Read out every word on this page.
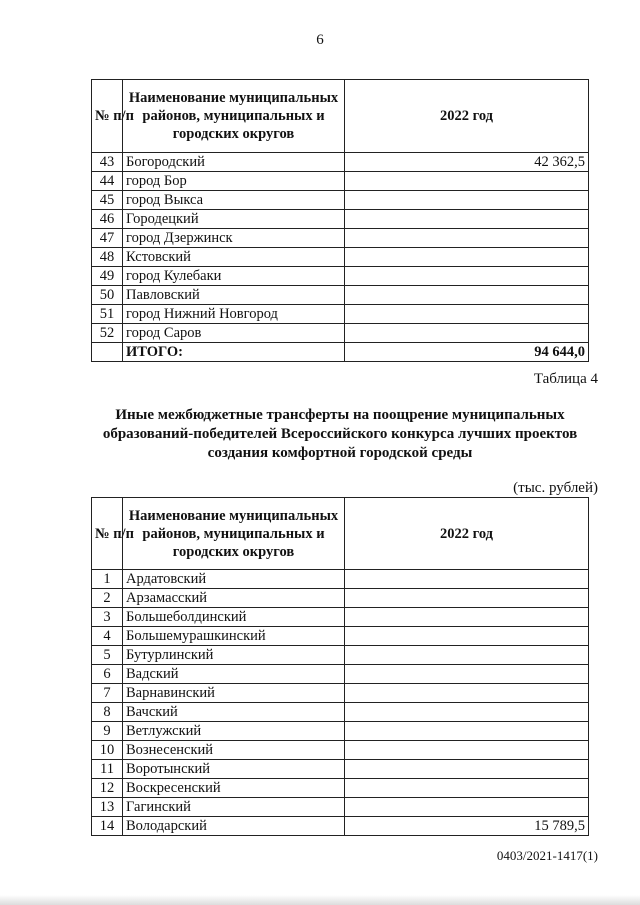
6
№ п/п	Наименование муниципальных районов, муниципальных и городских округов	2022 год
43	Богородский	42 362,5
44	город Бор	
45	город Выкса	
46	Городецкий	
47	город Дзержинск	
48	Кстовский	
49	город Кулебаки	
50	Павловский	
51	город Нижний Новгород	
52	город Саров	
	ИТОГО:	94 644,0
Таблица 4
Иные межбюджетные трансферты на поощрение муниципальных образований-победителей Всероссийского конкурса лучших проектов создания комфортной городской среды
(тыс. рублей)
№ п/п	Наименование муниципальных районов, муниципальных и городских округов	2022 год
1	Ардатовский	
2	Арзамасский	
3	Большеболдинский	
4	Большемурашкинский	
5	Бутурлинский	
6	Вадский	
7	Варнавинский	
8	Вачский	
9	Ветлужский	
10	Вознесенский	
11	Воротынский	
12	Воскресенский	
13	Гагинский	
14	Володарский	15 789,5
0403/2021-1417(1)
